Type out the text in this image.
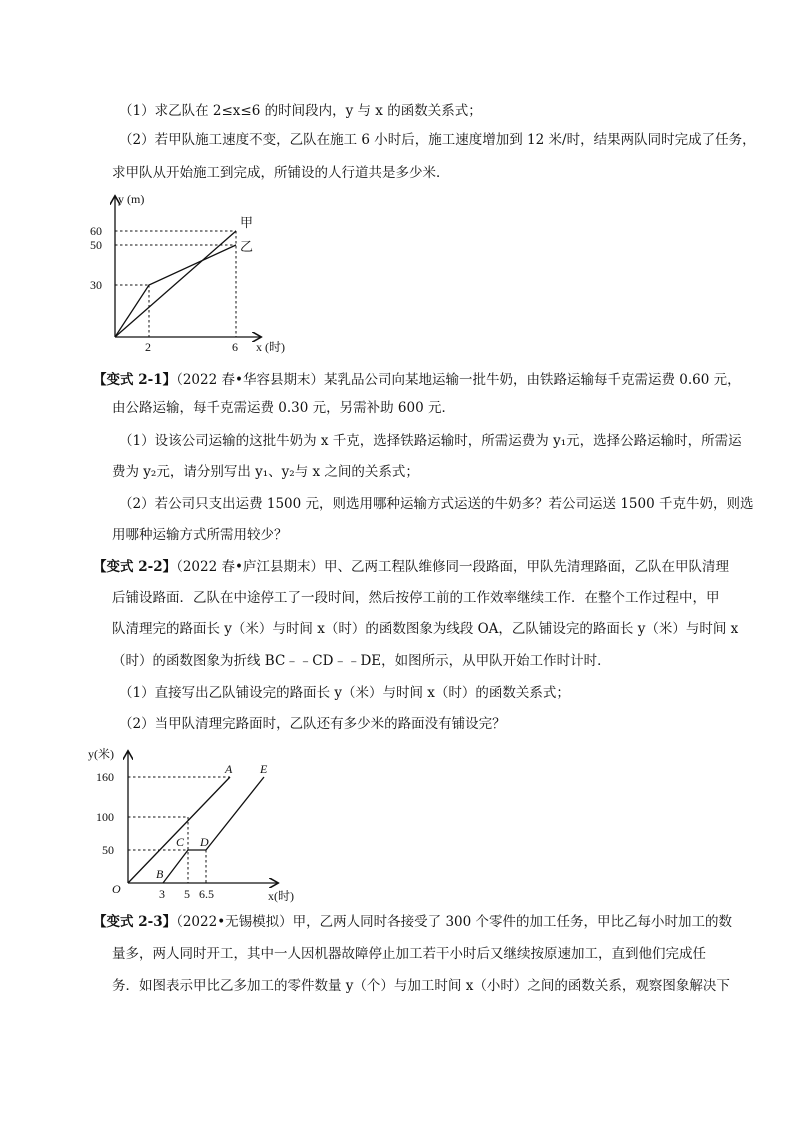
（1）求乙队在 2≤x≤6 的时间段内，y 与 x 的函数关系式；
（2）若甲队施工速度不变，乙队在施工 6 小时后，施工速度增加到 12 米/时，结果两队同时完成了任务，
求甲队从开始施工到完成，所铺设的人行道共是多少米．
y (m)
x (时)
60
50
30
2	6
甲
乙
【变式 2-1】（2022 春•华容县期末）某乳品公司向某地运输一批牛奶，由铁路运输每千克需运费 0.60 元，
由公路运输，每千克需运费 0.30 元，另需补助 600 元．
（1）设该公司运输的这批牛奶为 x 千克，选择铁路运输时，所需运费为 y₁元，选择公路运输时，所需运
费为 y₂元，请分别写出 y₁、y₂与 x 之间的关系式；
（2）若公司只支出运费 1500 元，则选用哪种运输方式运送的牛奶多？若公司运送 1500 千克牛奶，则选
用哪种运输方式所需用较少？
【变式 2-2】（2022 春•庐江县期末）甲、乙两工程队维修同一段路面，甲队先清理路面，乙队在甲队清理
后铺设路面．乙队在中途停工了一段时间，然后按停工前的工作效率继续工作．在整个工作过程中，甲
队清理完的路面长 y（米）与时间 x（时）的函数图象为线段 OA，乙队铺设完的路面长 y（米）与时间 x
（时）的函数图象为折线 BC﹣﹣CD﹣﹣DE，如图所示，从甲队开始工作时计时．
（1）直接写出乙队铺设完的路面长 y（米）与时间 x（时）的函数关系式；
（2）当甲队清理完路面时，乙队还有多少米的路面没有铺设完？
y(米)
x(时)
O
160
100
50
3 5 6.5
A E
B
C D
【变式 2-3】（2022•无锡模拟）甲，乙两人同时各接受了 300 个零件的加工任务，甲比乙每小时加工的数
量多，两人同时开工，其中一人因机器故障停止加工若干小时后又继续按原速加工，直到他们完成任
务．如图表示甲比乙多加工的零件数量 y（个）与加工时间 x（小时）之间的函数关系，观察图象解决下
